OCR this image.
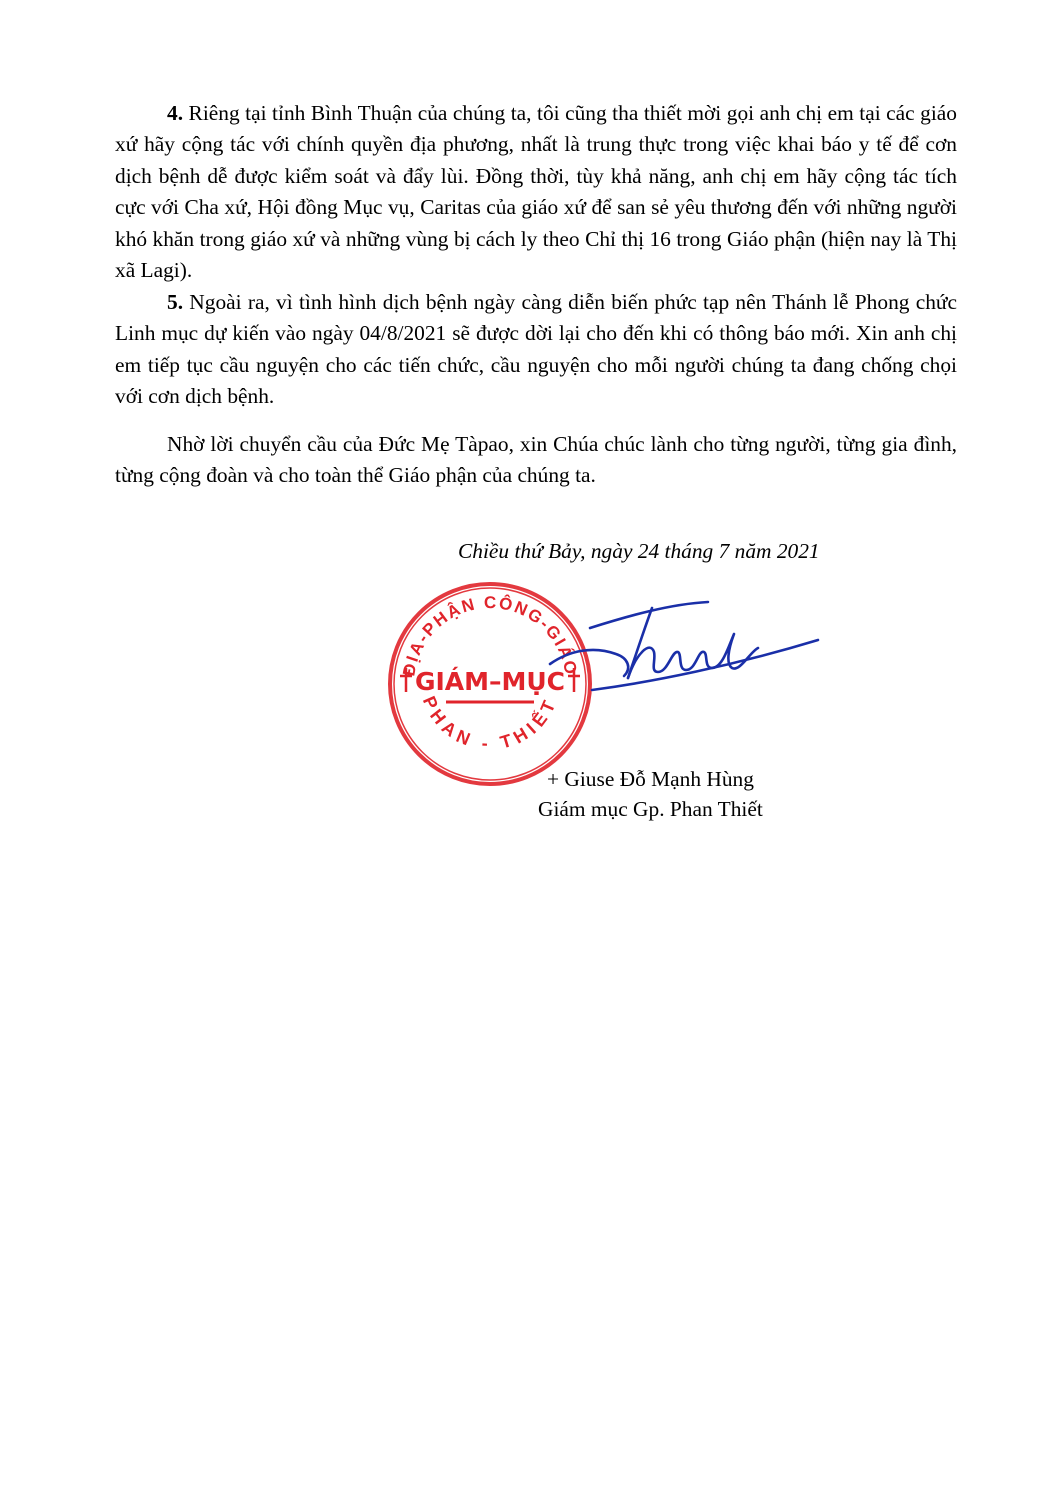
4. Riêng tại tỉnh Bình Thuận của chúng ta, tôi cũng tha thiết mời gọi anh chị em tại các giáo xứ hãy cộng tác với chính quyền địa phương, nhất là trung thực trong việc khai báo y tế để cơn dịch bệnh dễ được kiểm soát và đẩy lùi. Đồng thời, tùy khả năng, anh chị em hãy cộng tác tích cực với Cha xứ, Hội đồng Mục vụ, Caritas của giáo xứ để san sẻ yêu thương đến với những người khó khăn trong giáo xứ và những vùng bị cách ly theo Chỉ thị 16 trong Giáo phận (hiện nay là Thị xã Lagi).

5. Ngoài ra, vì tình hình dịch bệnh ngày càng diễn biến phức tạp nên Thánh lễ Phong chức Linh mục dự kiến vào ngày 04/8/2021 sẽ được dời lại cho đến khi có thông báo mới. Xin anh chị em tiếp tục cầu nguyện cho các tiến chức, cầu nguyện cho mỗi người chúng ta đang chống chọi với cơn dịch bệnh.

Nhờ lời chuyển cầu của Đức Mẹ Tàpao, xin Chúa chúc lành cho từng người, từng gia đình, từng cộng đoàn và cho toàn thể Giáo phận của chúng ta.

Chiều thứ Bảy, ngày 24 tháng 7 năm 2021
ĐỊA-PHẬN CÔNG-GIÁO
PHAN - THIẾT
GIÁM–MỤC
+ Giuse Đỗ Mạnh Hùng
Giám mục Gp. Phan Thiết
